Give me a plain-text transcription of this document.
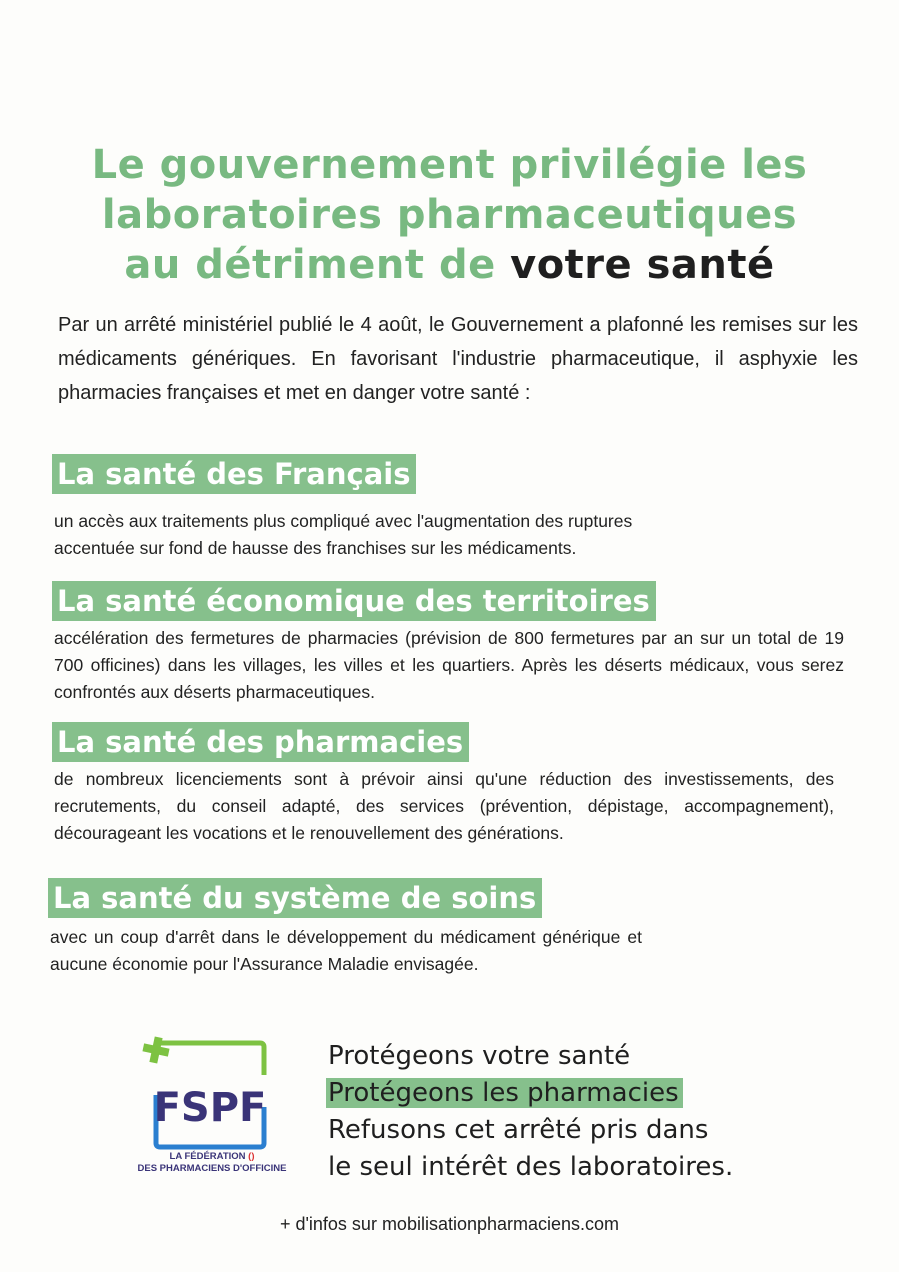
Le gouvernement privilégie les
laboratoires pharmaceutiques
au détriment de votre santé

Par un arrêté ministériel publié le 4 août, le Gouvernement a plafonné les remises sur les médicaments génériques. En favorisant l'industrie pharmaceutique, il asphyxie les pharmacies françaises et met en danger votre santé :

La santé des Français

un accès aux traitements plus compliqué avec l'augmentation des ruptures accentuée sur fond de hausse des franchises sur les médicaments.

La santé économique des territoires

accélération des fermetures de pharmacies (prévision de 800 fermetures par an sur un total de 19 700 officines) dans les villages, les villes et les quartiers. Après les déserts médicaux, vous serez confrontés aux déserts pharmaceutiques.

La santé des pharmacies

de nombreux licenciements sont à prévoir ainsi qu'une réduction des investissements, des recrutements, du conseil adapté, des services (prévention, dépistage, accompagnement), décourageant les vocations et le renouvellement des générations.

La santé du système de soins

avec un coup d'arrêt dans le développement du médicament générique et aucune économie pour l'Assurance Maladie envisagée.

FSPF
LA FÉDÉRATION ()
DES PHARMACIENS D'OFFICINE
Protégeons votre santé
Protégeons les pharmacies
Refusons cet arrêté pris dans
le seul intérêt des laboratoires.
+ d'infos sur mobilisationpharmaciens.com
